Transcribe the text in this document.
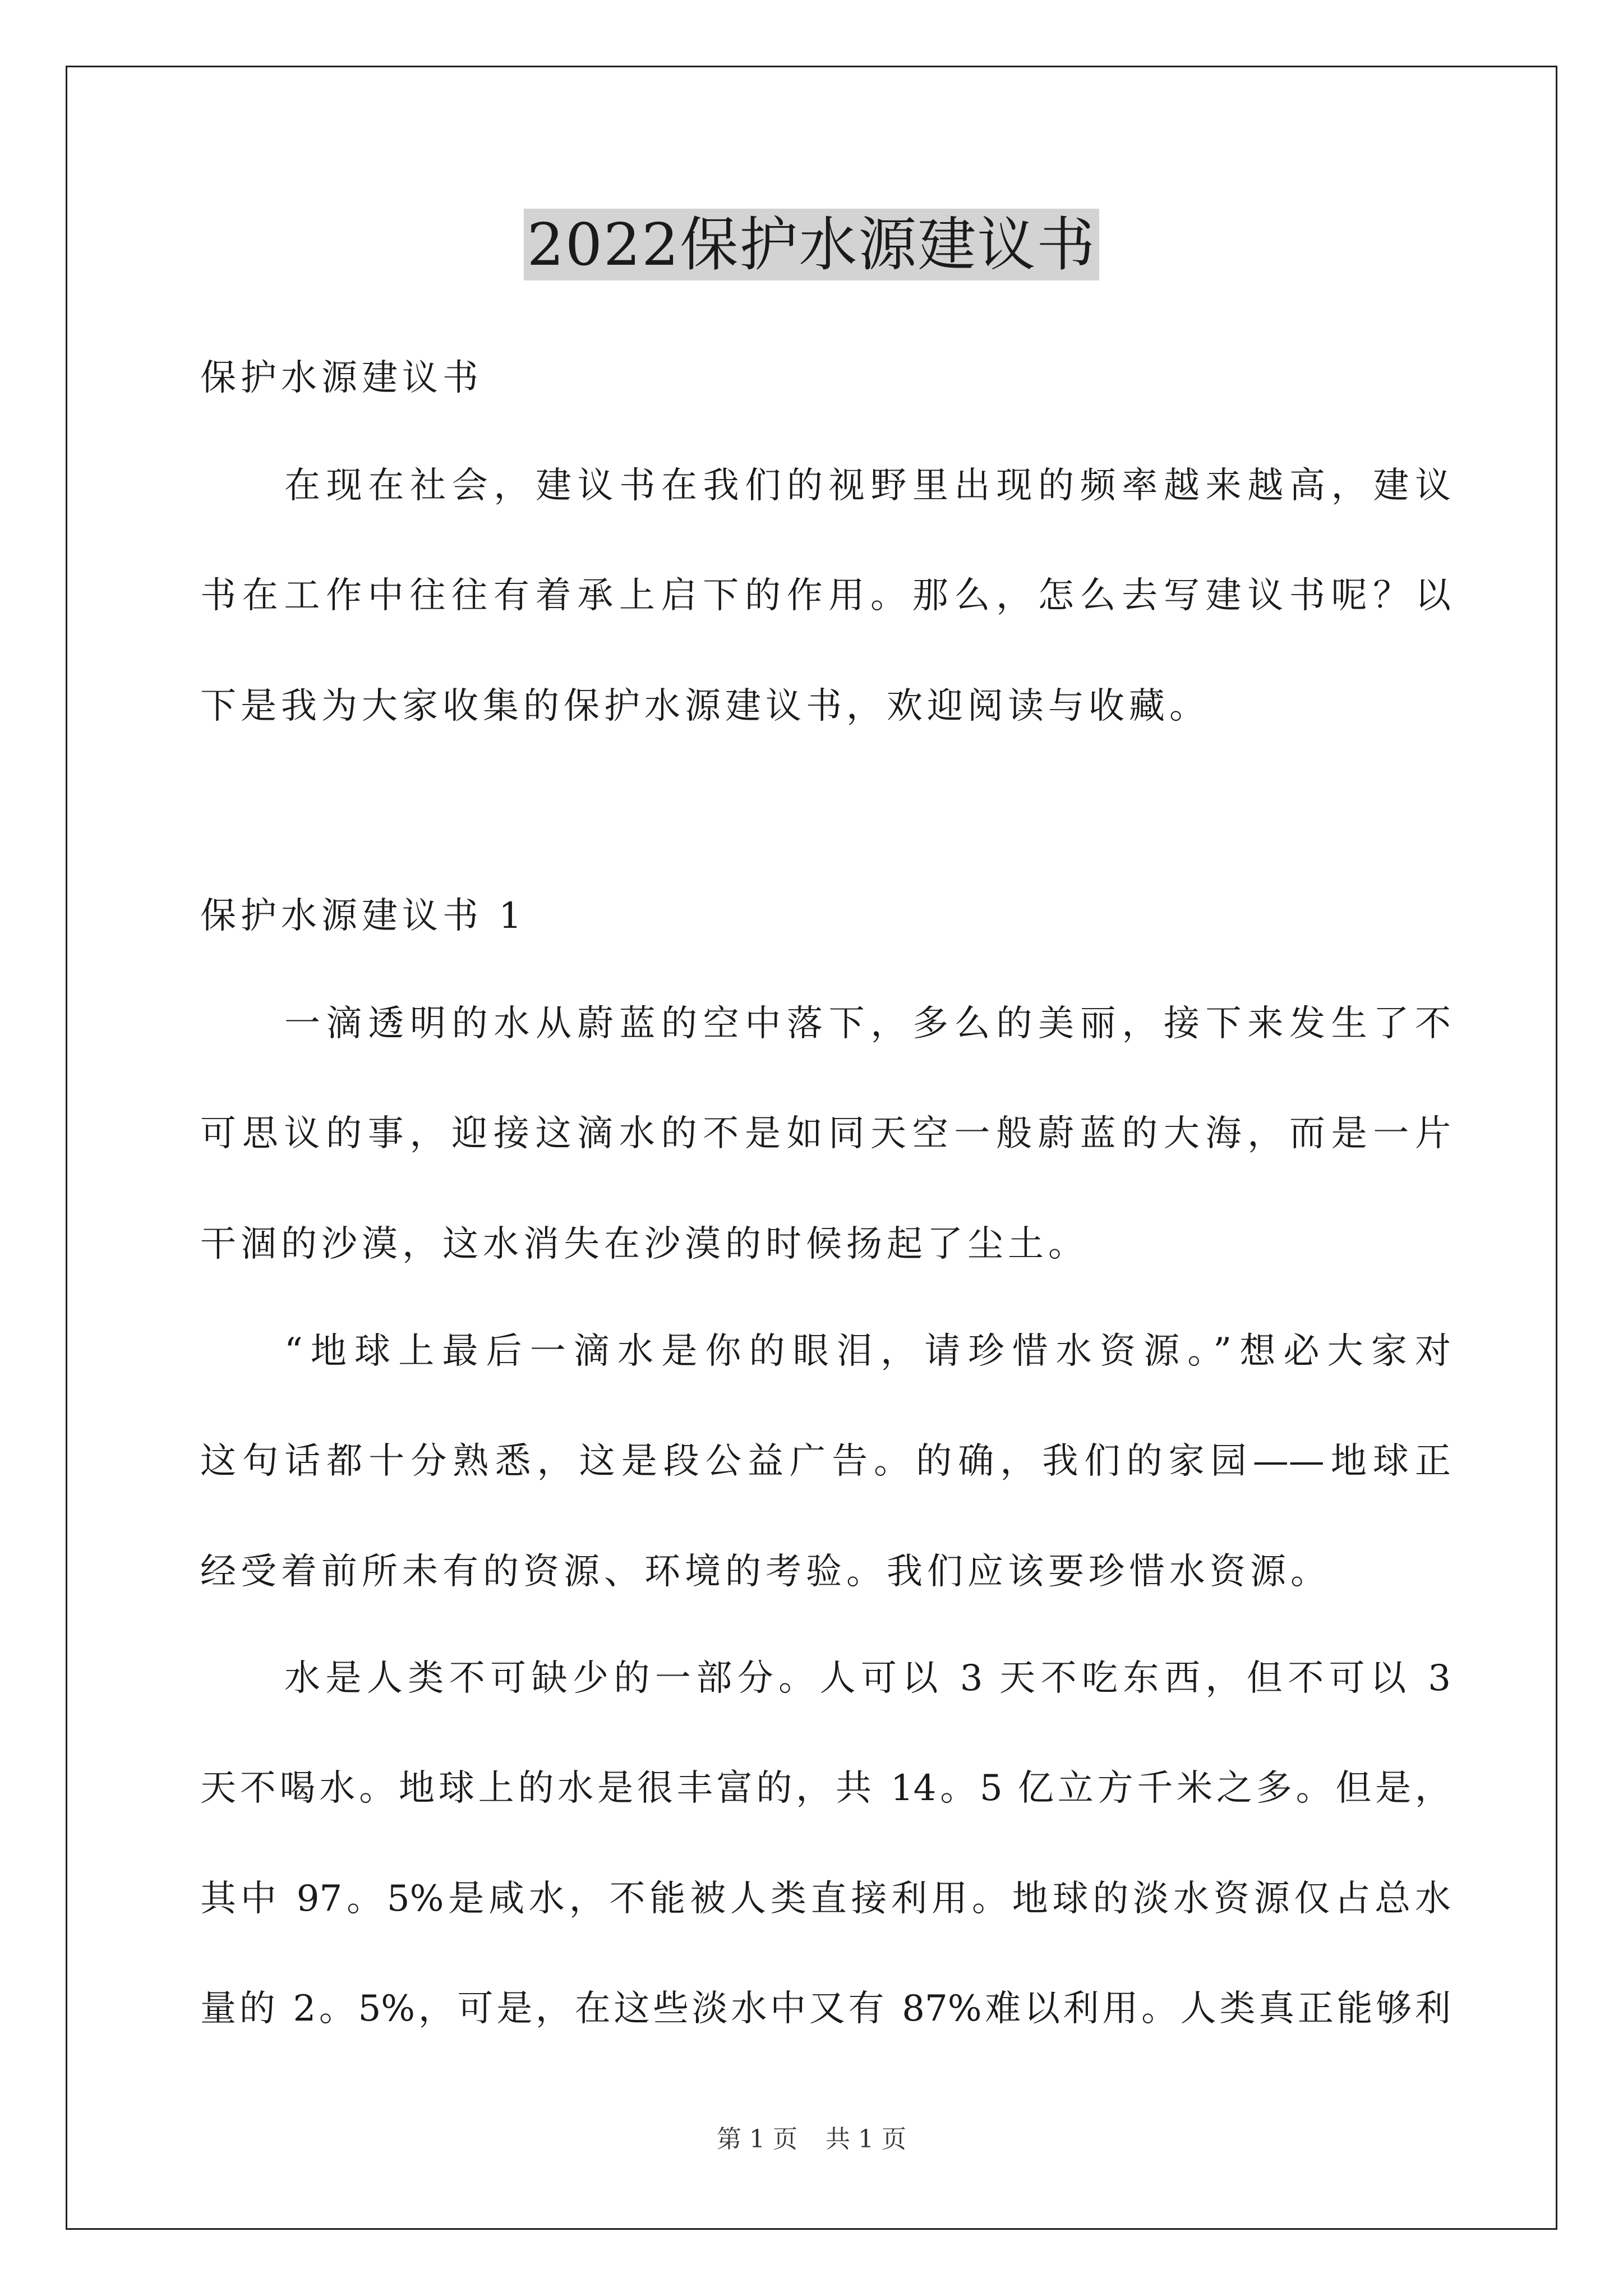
2022保护水源建议书
保护水源建议书
在现在社会，建议书在我们的视野里出现的频率越来越高，建议
书在工作中往往有着承上启下的作用。那么，怎么去写建议书呢？以
下是我为大家收集的保护水源建议书，欢迎阅读与收藏。
保护水源建议书 1
一滴透明的水从蔚蓝的空中落下，多么的美丽，接下来发生了不
可思议的事，迎接这滴水的不是如同天空一般蔚蓝的大海，而是一片
干涸的沙漠，这水消失在沙漠的时候扬起了尘土。
“地球上最后一滴水是你的眼泪，请珍惜水资源。”想必大家对
这句话都十分熟悉，这是段公益广告。的确，我们的家园——地球正
经受着前所未有的资源、环境的考验。我们应该要珍惜水资源。
水是人类不可缺少的一部分。人可以 3 天不吃东西，但不可以 3
天不喝水。地球上的水是很丰富的，共 14。5 亿立方千米之多。但是，
其中 97。5%是咸水，不能被人类直接利用。地球的淡水资源仅占总水
量的 2。5%，可是，在这些淡水中又有 87%难以利用。人类真正能够利
第 1 页 共 1 页
